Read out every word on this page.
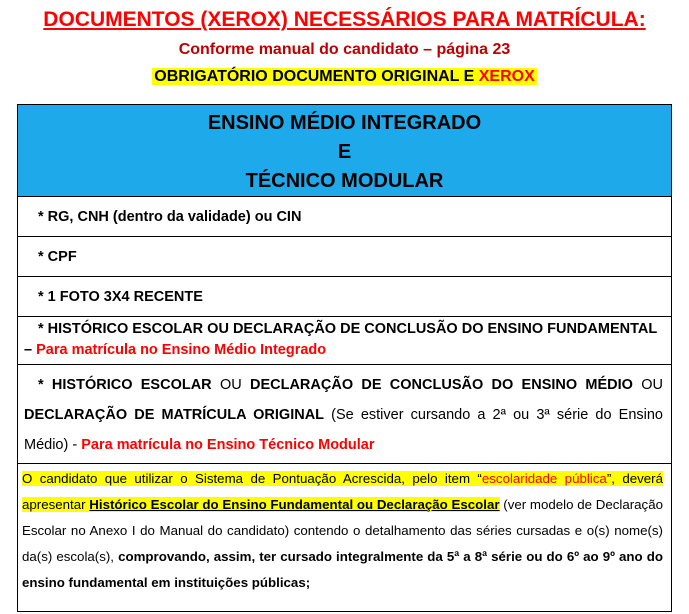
DOCUMENTOS (XEROX) NECESSÁRIOS PARA MATRÍCULA:
Conforme manual do candidato – página 23
OBRIGATÓRIO DOCUMENTO ORIGINAL E XEROX
ENSINO MÉDIO INTEGRADO
E
TÉCNICO MODULAR
* RG, CNH (dentro da validade) ou CIN
* CPF
* 1 FOTO 3X4 RECENTE
* HISTÓRICO ESCOLAR OU DECLARAÇÃO DE CONCLUSÃO DO ENSINO FUNDAMENTAL
– Para matrícula no Ensino Médio Integrado
* HISTÓRICO ESCOLAR OU DECLARAÇÃO DE CONCLUSÃO DO ENSINO MÉDIO OU DECLARAÇÃO DE MATRÍCULA ORIGINAL (Se estiver cursando a 2ª ou 3ª série do Ensino Médio) - Para matrícula no Ensino Técnico Modular
O candidato que utilizar o Sistema de Pontuação Acrescida, pelo item “escolaridade pública”, deverá apresentar Histórico Escolar do Ensino Fundamental ou Declaração Escolar (ver modelo de Declaração Escolar no Anexo I do Manual do candidato) contendo o detalhamento das séries cursadas e o(s) nome(s) da(s) escola(s), comprovando, assim, ter cursado integralmente da 5ª a 8ª série ou do 6º ao 9º ano do ensino fundamental em instituições públicas;
